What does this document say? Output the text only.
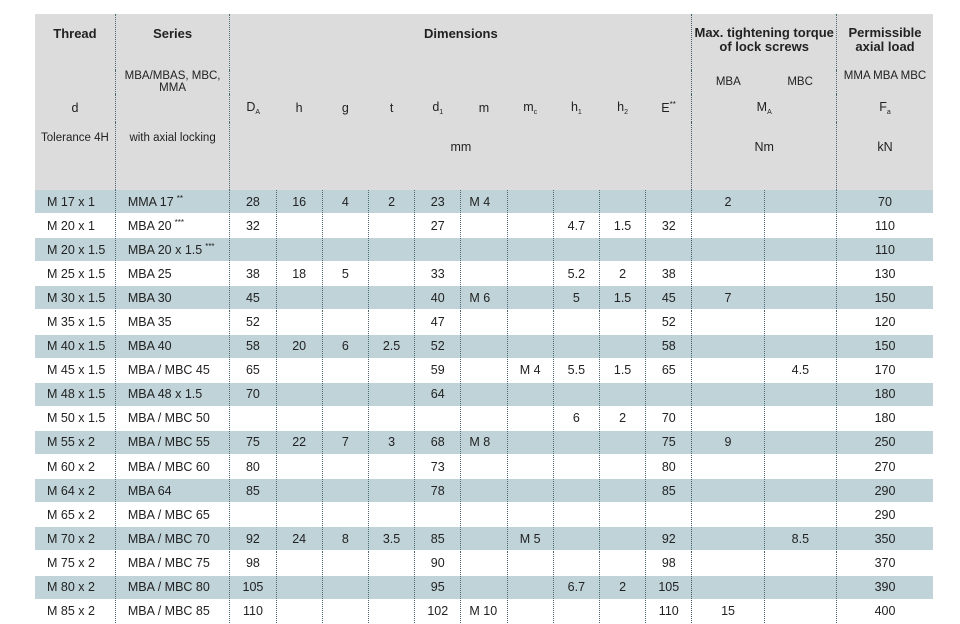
Thread	Series	Dimensions										Max. tightening torque of lock screws		Permissible axial load
	MBA/MBAS, MBC, MMA											MBA	MBC	MMA MBA MBC
d		$D_A$	h	g	t	$d_1$	m	$m_c$	$h_1$	$h_2$	E**	$M_A$		$F_a$
Tolerance 4H	with axial locking	mm										Nm		kN
M 17 x 1	MMA 17 **	28	16	4	2	23	M 4					2		70
M 20 x 1	MBA 20 ***	32				27			4.7	1.5	32			110
M 20 x 1.5	MBA 20 x 1.5 ***													110
M 25 x 1.5	MBA 25	38	18	5		33			5.2	2	38			130
M 30 x 1.5	MBA 30	45				40	M 6		5	1.5	45	7		150
M 35 x 1.5	MBA 35	52				47					52			120
M 40 x 1.5	MBA 40	58	20	6	2.5	52					58			150
M 45 x 1.5	MBA / MBC 45	65				59		M 4	5.5	1.5	65		4.5	170
M 48 x 1.5	MBA 48 x 1.5	70				64								180
M 50 x 1.5	MBA / MBC 50								6	2	70			180
M 55 x 2	MBA / MBC 55	75	22	7	3	68	M 8				75	9		250
M 60 x 2	MBA / MBC 60	80				73					80			270
M 64 x 2	MBA 64	85				78					85			290
M 65 x 2	MBA / MBC 65													290
M 70 x 2	MBA / MBC 70	92	24	8	3.5	85		M 5			92		8.5	350
M 75 x 2	MBA / MBC 75	98				90					98			370
M 80 x 2	MBA / MBC 80	105				95			6.7	2	105			390
M 85 x 2	MBA / MBC 85	110				102	M 10				110	15		400
